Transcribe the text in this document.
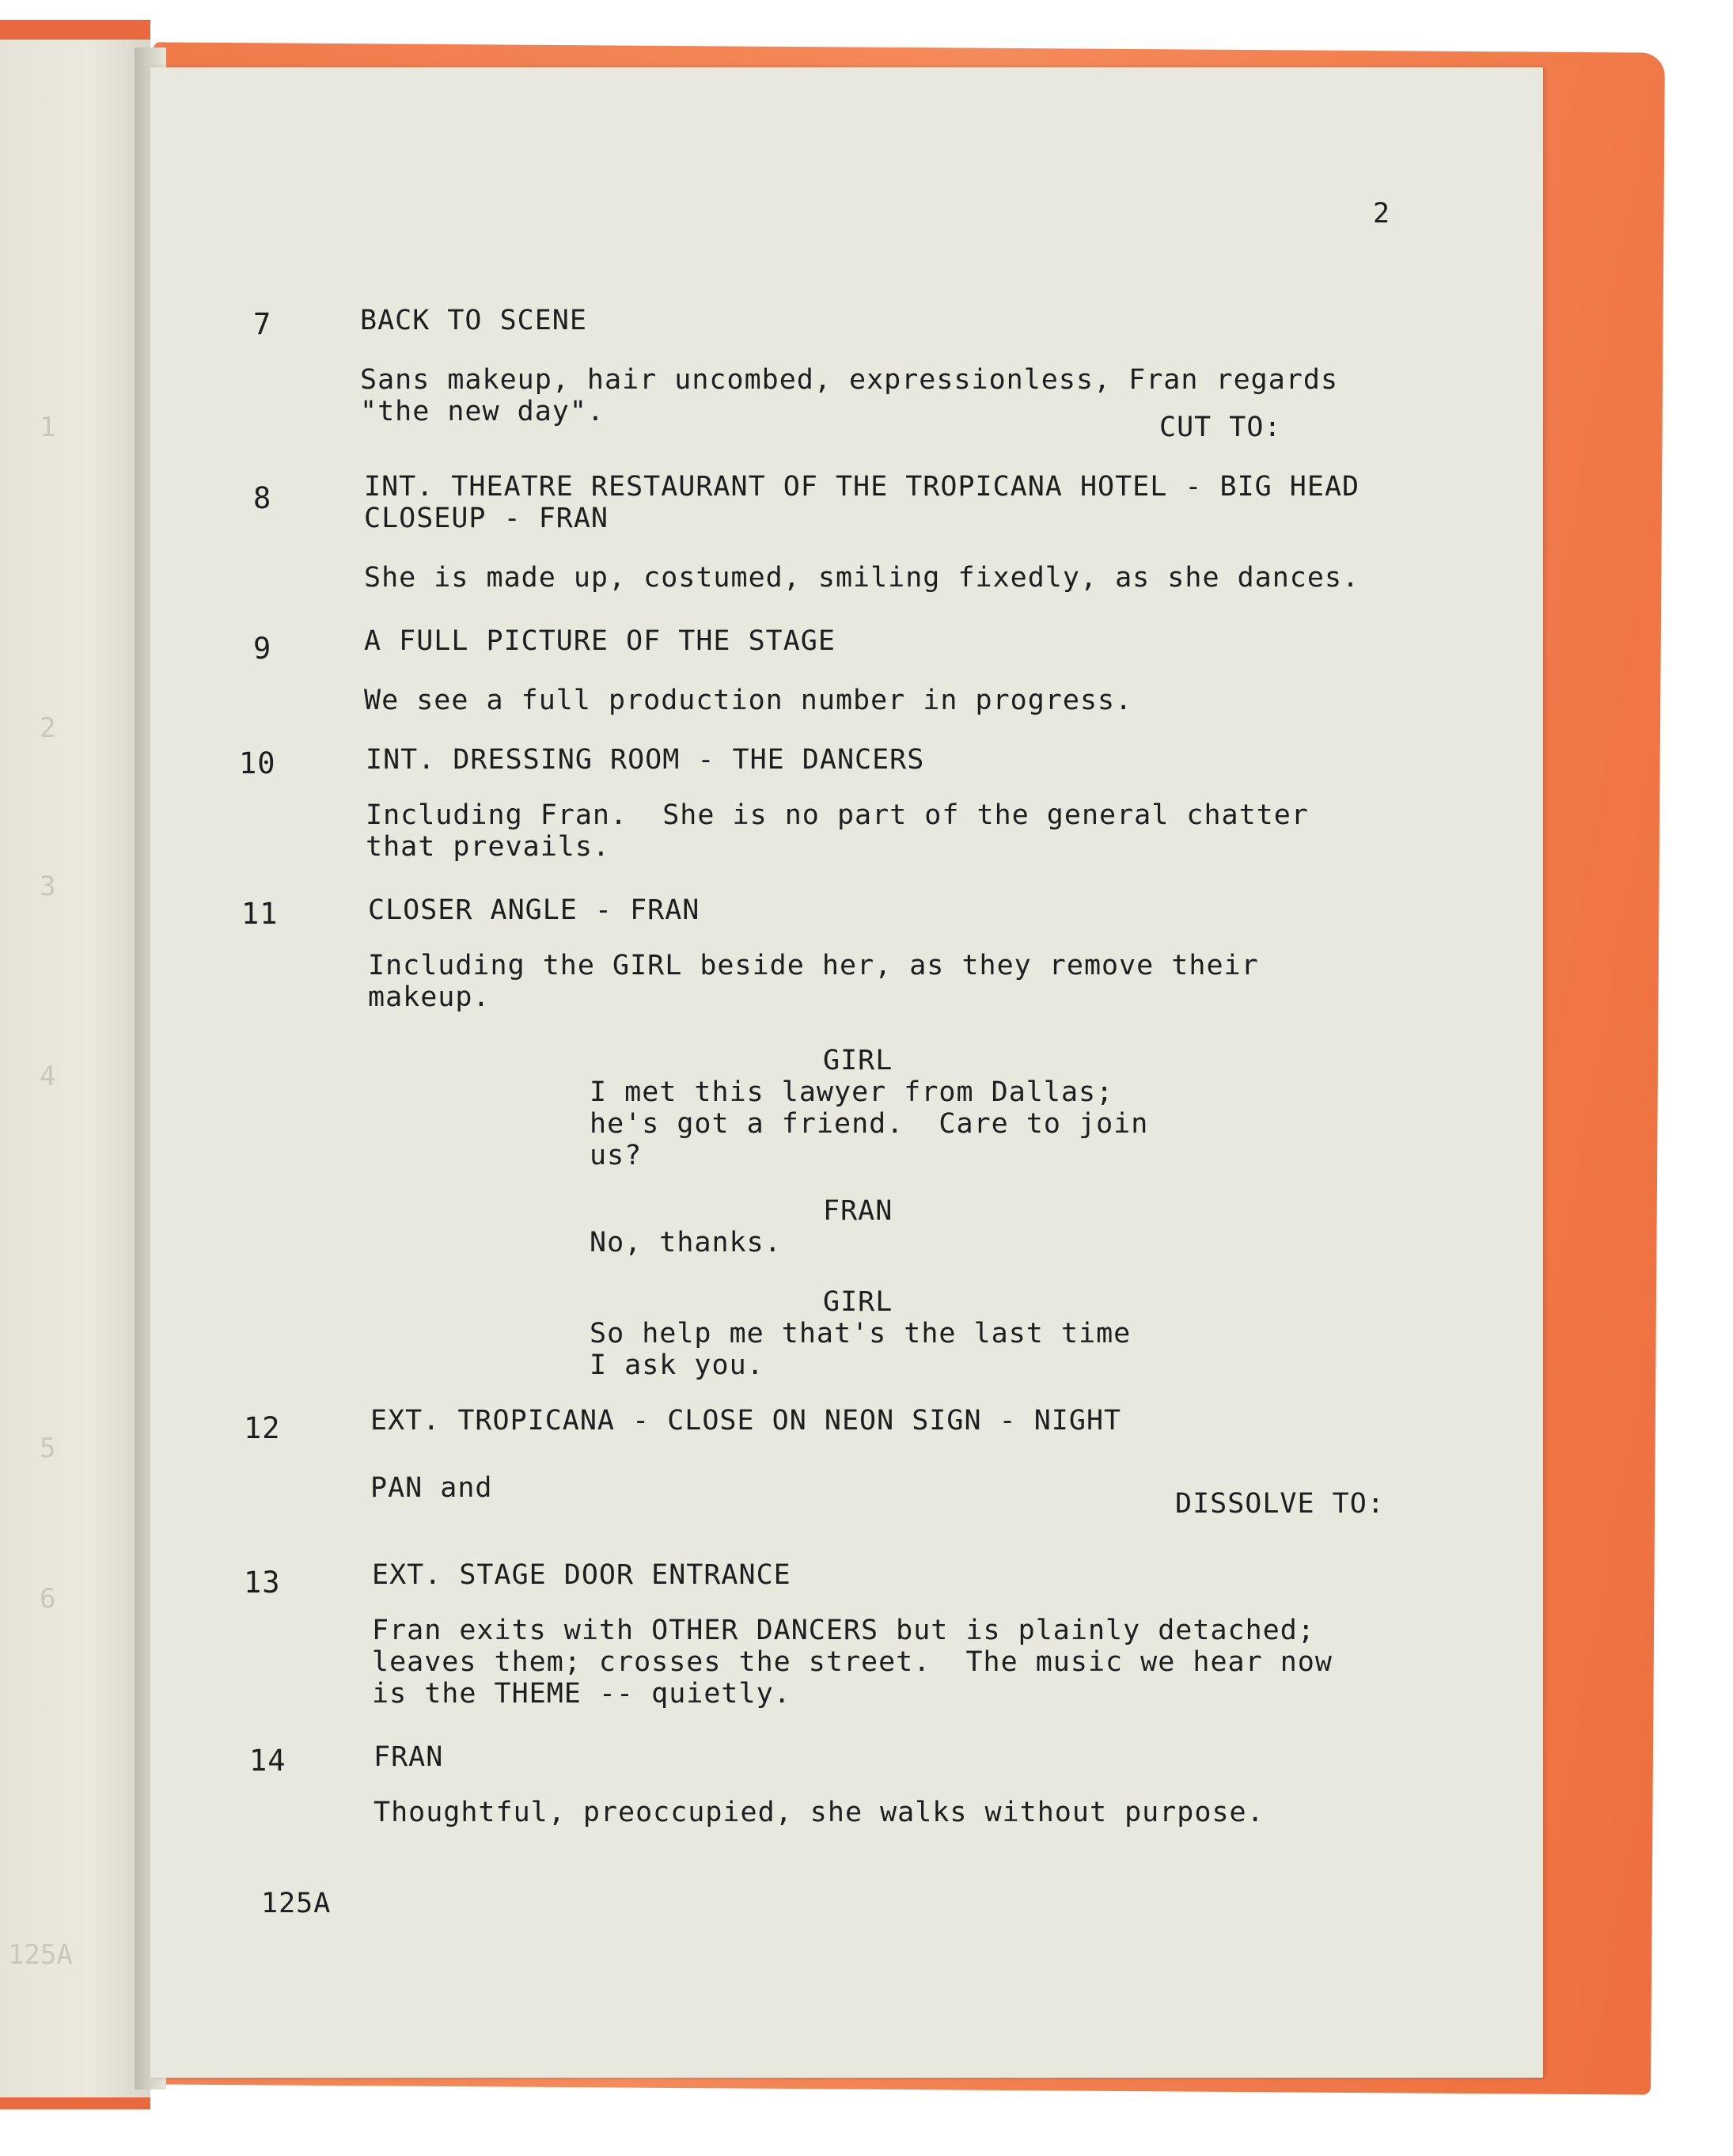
1
2
3
4
5
6
125A
2
7	BACK TO SCENE
Sans makeup, hair uncombed, expressionless, Fran regards
"the new day".	CUT TO:
8	INT. THEATRE RESTAURANT OF THE TROPICANA HOTEL - BIG HEAD
CLOSEUP - FRAN
She is made up, costumed, smiling fixedly, as she dances.
9	A FULL PICTURE OF THE STAGE
We see a full production number in progress.
10	INT. DRESSING ROOM - THE DANCERS
Including Fran.  She is no part of the general chatter
that prevails.
11	CLOSER ANGLE - FRAN
Including the GIRL beside her, as they remove their
makeup.
GIRL
I met this lawyer from Dallas;
he's got a friend.  Care to join
us?
FRAN
No, thanks.
GIRL
So help me that's the last time
I ask you.
12	EXT. TROPICANA - CLOSE ON NEON SIGN - NIGHT
PAN and	DISSOLVE TO:
13	EXT. STAGE DOOR ENTRANCE
Fran exits with OTHER DANCERS but is plainly detached;
leaves them; crosses the street.  The music we hear now
is the THEME -- quietly.
14	FRAN
Thoughtful, preoccupied, she walks without purpose.
125A
